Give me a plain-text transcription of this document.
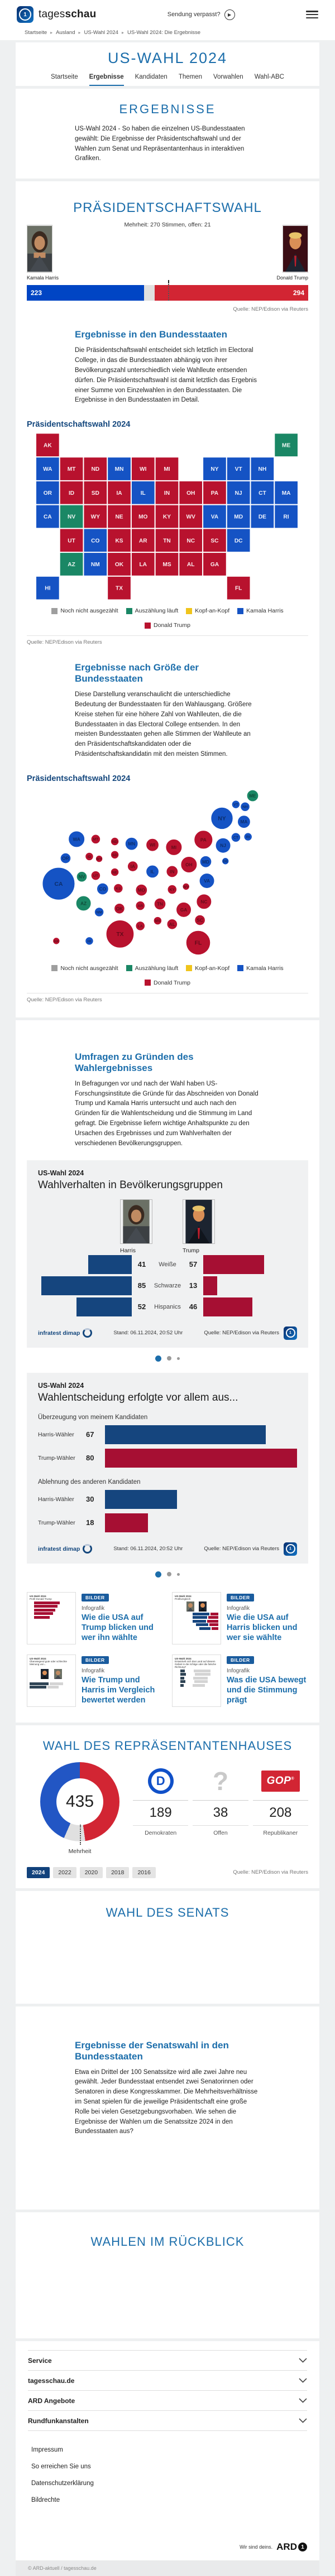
1	tagesschau	Sendung verpasst?	▶
Startseite ▸ Ausland ▸ US-Wahl 2024 ▸ US-Wahl 2024: Die Ergebnisse
US-WAHL 2024
Startseite Ergebnisse Kandidaten Themen Vorwahlen Wahl-ABC
ERGEBNISSE

US-Wahl 2024 - So haben die einzelnen US-Bundesstaaten gewählt: Die Ergebnisse der Präsidentschaftswahl und der Wahlen zum Senat und Repräsentantenhaus in interaktiven Grafiken.

PRÄSIDENTSCHAFTSWAHL
Mehrheit: 270 Stimmen, offen: 21
Kamala Harris	Donald Trump
223	294
Quelle: NEP/Edison via Reuters
Ergebnisse in den Bundesstaaten

Die Präsidentschaftswahl entscheidet sich letztlich im Electoral College, in das die Bundesstaaten abhängig von ihrer Bevölkerungszahl unterschiedlich viele Wahlleute entsenden dürfen. Die Präsidentschaftswahl ist damit letztlich das Ergebnis einer Summe von Einzelwahlen in den Bundesstaaten. Die Ergebnisse in den Bundesstaaten im Detail.

Präsidentschaftswahl 2024
AK	ME
WA	MT	ND	MN	WI	MI	NY	VT	NH
OR	ID	SD	IA	IL	IN	OH	PA	NJ	CT	MA
CA	NV	WY	NE	MO	KY	WV	VA	MD	DE	RI
UT	CO	KS	AR	TN	NC	SC	DC
AZ	NM	OK	LA	MS	AL	GA
HI	TX	FL
Noch nicht ausgezählt	Auszählung läuft	Kopf-an-Kopf	Kamala Harris
Donald Trump
Quelle: NEP/Edison via Reuters
Ergebnisse nach Größe der Bundesstaaten

Diese Darstellung veranschaulicht die unterschiedliche Bedeutung der Bundesstaaten für den Wahlausgang. Größere Kreise stehen für eine höhere Zahl von Wahlleuten, die die Bundesstaaten in das Electoral College entsenden. In den meisten Bundesstaaten gehen alle Stimmen der Wahlleute an den Präsidentschaftskandidaten oder die Präsidentschaftskandidatin mit den meisten Stimmen.

Präsidentschaftswahl 2024
ME
VT
NH
NY	MA
CT RI
PA
NJ
MD	DE
WA	MT
ND MN	WI	MI
OR	ID
WY
SD
IA
IL	IN
OH
NV UT
NE
CO	KS	MO	KY
WV
VA
CA
AZ
NM
OK	AR	TN	NC
GA
SC
MS
AL
LA
TX
AK	HI	FL
Noch nicht ausgezählt	Auszählung läuft	Kopf-an-Kopf	Kamala Harris
Donald Trump
Quelle: NEP/Edison via Reuters
Umfragen zu Gründen des Wahlergebnisses

In Befragungen vor und nach der Wahl haben US-Forschungsinstitute die Gründe für das Abschneiden von Donald Trump und Kamala Harris untersucht und auch nach den Gründen für die Wahlentscheidung und die Stimmung im Land gefragt. Die Ergebnisse liefern wichtige Anhaltspunkte zu den Ursachen des Ergebnisses und zum Wahlverhalten der verschiedenen Bevölkerungsgruppen.

US-Wahl 2024
Wahlverhalten in Bevölkerungsgruppen
Harris	Trump
41	Weiße	57
85	Schwarze	13
52	Hispanics	46
infratest dimap	Stand: 06.11.2024, 20:52 Uhr	Quelle: NEP/Edison via Reuters	1
US-Wahl 2024
Wahlentscheidung erfolgte vor allem aus...
Überzeugung von meinem Kandidaten
Harris-Wähler	67
Trump-Wähler	80
Ablehnung des anderen Kandidaten
Harris-Wähler	30
Trump-Wähler	18
infratest dimap	Stand: 06.11.2024, 20:52 Uhr	Quelle: NEP/Edison via Reuters	1
US-Wahl 2024
Profil Donald Trump	BILDER
Infografik
Wie die USA auf Trump blicken und wer ihn wählte
US-Wahl 2024
Profilvergleich	BILDER
Infografik
Wie die USA auf Harris blicken und wer sie wählte
US-Wahl 2024
Überwiegend gute oder schlechte Meinung von...
BILDER
Infografik
Wie Trump und Harris im Vergleich bewertet werden
US-Wahl 2024
Entwickelt sich das Land auf diesem Gebiet in die richtige oder die falsche Richtung?
BILDER
Infografik
Was die USA bewegt und die Stimmung prägt
WAHL DES REPRÄSENTANTENHAUSES
435
Mehrheit
D
189
Demokraten
?
38
Offen
GOP®
208
Republikaner
2024	2022	2020	2018	2016	Quelle: NEP/Edison via Reuters
WAHL DES SENATS
Ergebnisse der Senatswahl in den Bundesstaaten

Etwa ein Drittel der 100 Senatssitze wird alle zwei Jahre neu gewählt. Jeder Bundesstaat entsendet zwei Senatorinnen oder Senatoren in diese Kongresskammer. Die Mehrheitsverhältnisse im Senat spielen für die jeweilige Präsidentschaft eine große Rolle bei vielen Gesetzgebungsvorhaben. Wie sehen die Ergebnisse der Wahlen um die Senatssitze 2024 in den Bundesstaaten aus?

WAHLEN IM RÜCKBLICK
Service
tagesschau.de
ARD Angebote
Rundfunkanstalten
Impressum
So erreichen Sie uns
Datenschutzerklärung
Bildrechte
Wir sind deins. ARD 1
© ARD-aktuell / tagesschau.de
